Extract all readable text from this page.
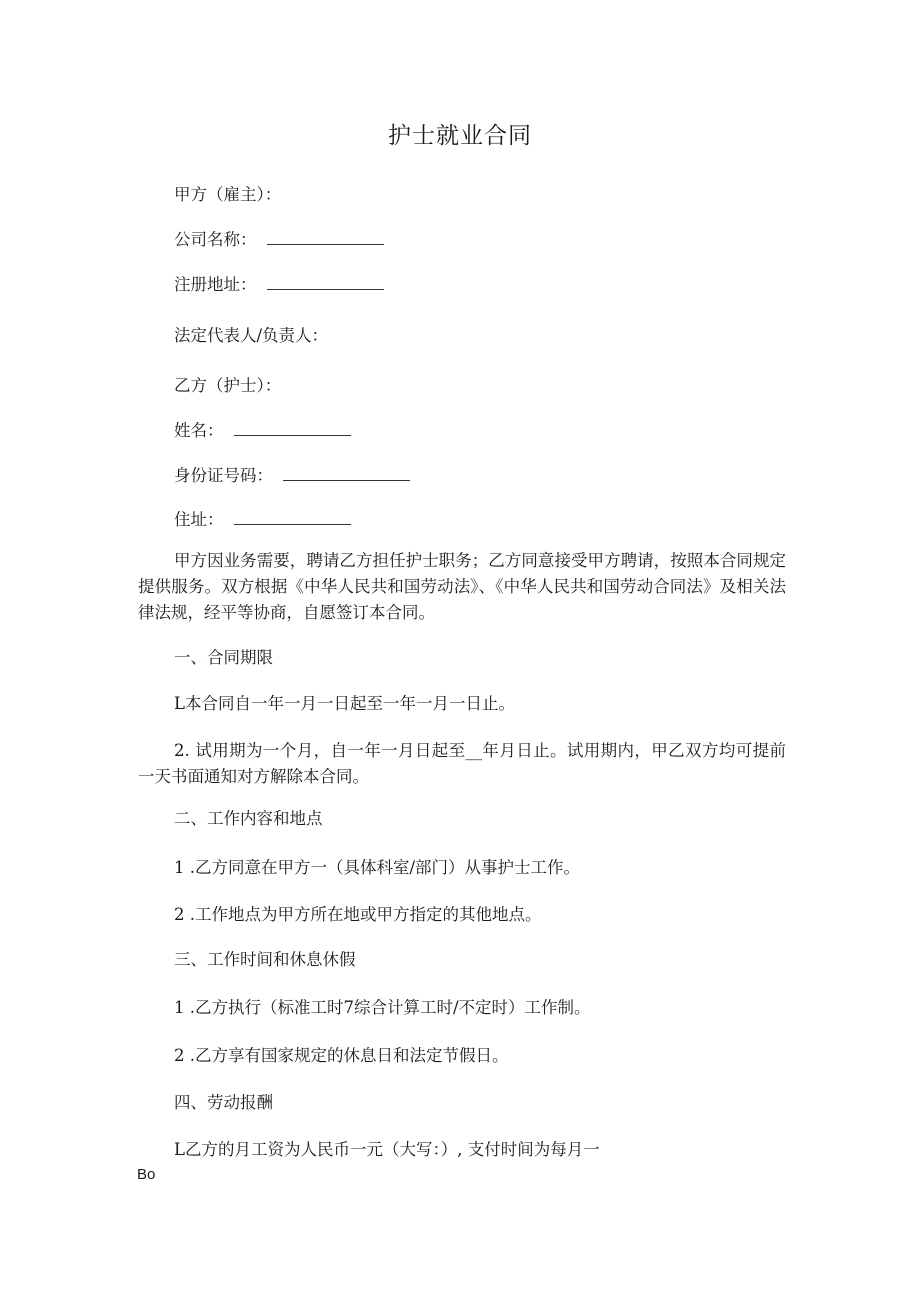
护士就业合同
甲方（雇主）：
公司名称：
注册地址：
法定代表人/负责人：
乙方（护士）：
姓名：
身份证号码：
住址：
甲方因业务需要，聘请乙方担任护士职务；乙方同意接受甲方聘请，按照本合同规定提供服务。双方根据《中华人民共和国劳动法》、《中华人民共和国劳动合同法》及相关法律法规，经平等协商，自愿签订本合同。
一、合同期限
L本合同自一年一月一日起至一年一月一日止。
2. 试用期为一个月，自一年一月日起至__年月日止。试用期内，甲乙双方均可提前一天书面通知对方解除本合同。
二、工作内容和地点
1 .乙方同意在甲方一（具体科室/部门）从事护士工作。
2 .工作地点为甲方所在地或甲方指定的其他地点。
三、工作时间和休息休假
1 .乙方执行（标准工时7综合计算工时/不定时）工作制。
2 .乙方享有国家规定的休息日和法定节假日。
四、劳动报酬
L乙方的月工资为人民币一元（大写：）, 支付时间为每月一
Bo
